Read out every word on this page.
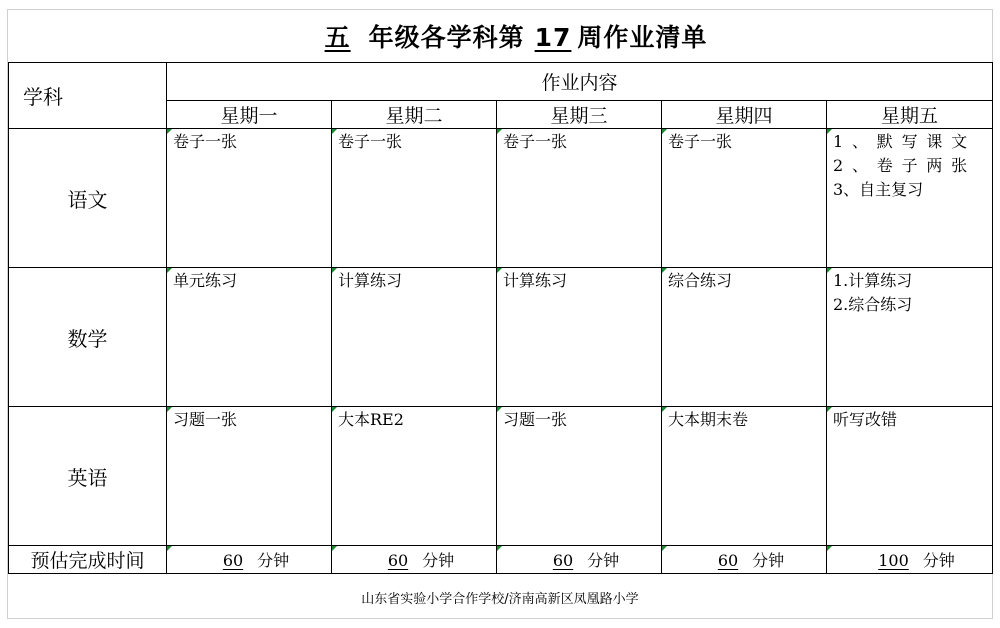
五 年级各学科第 17 周作业清单
学科	作业内容				
	星期一	星期二	星期三	星期四	星期五
语文	卷子一张	卷子一张	卷子一张	卷子一张	1、默写课文
2、卷子两张
3、自主复习

数学	单元练习	计算练习	计算练习	综合练习	1.计算练习
2.综合练习

英语	习题一张	大本RE2	习题一张	大本期末卷	听写改错

预估完成时间	60 分钟	60 分钟	60 分钟	60 分钟	100 分钟
山东省实验小学合作学校/济南高新区凤凰路小学
